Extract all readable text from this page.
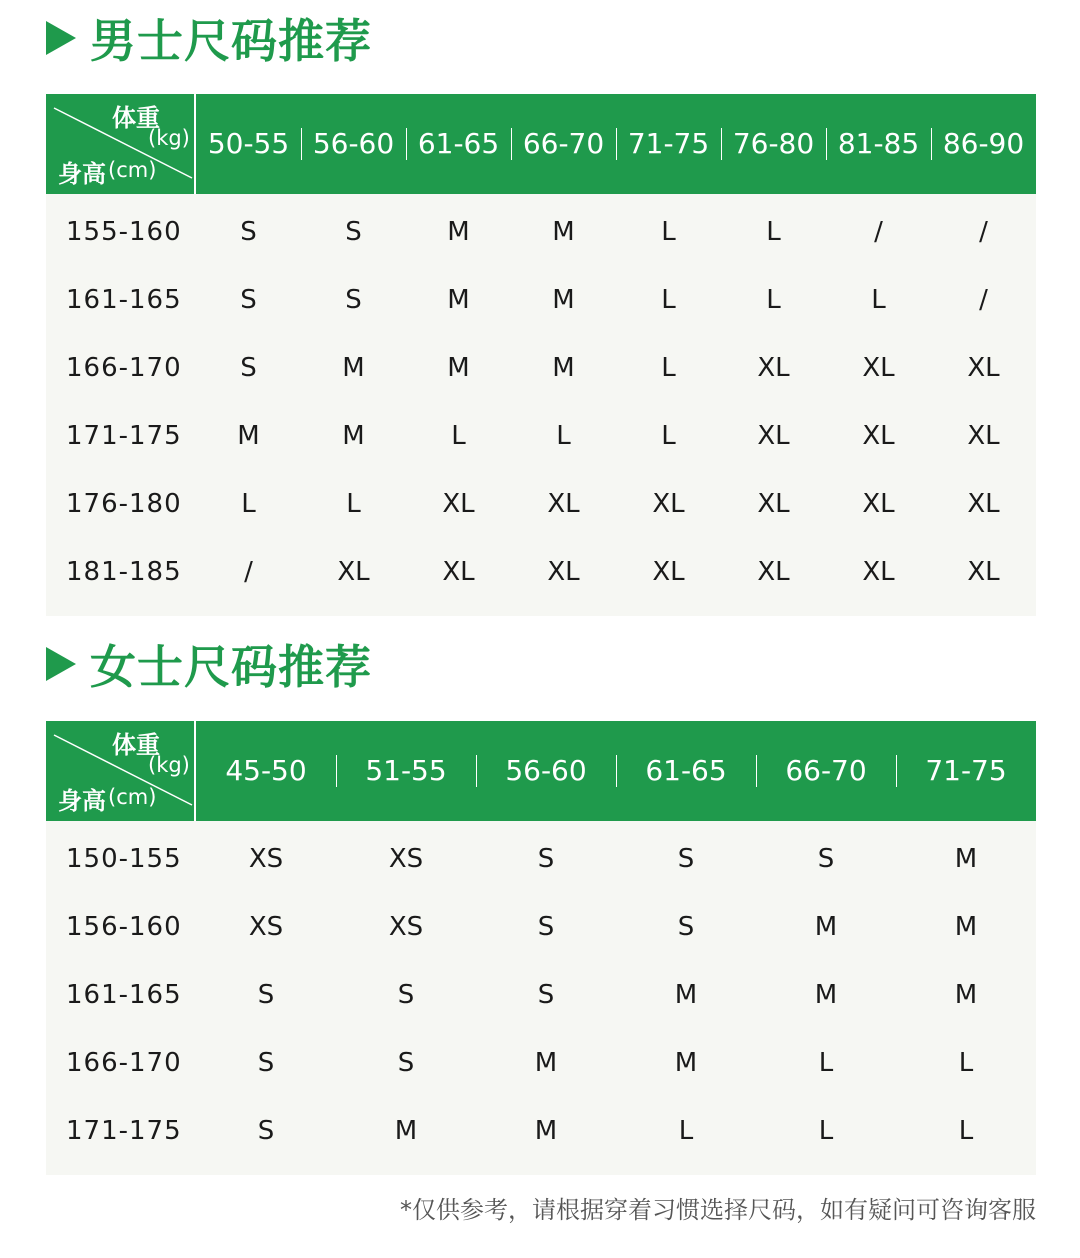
男士尺码推荐
体重
(kg)
身高 (cm)
50-55 56-60 61-65 66-70 71-75 76-80 81-85 86-90
155-160	S	S	M	M	L	L	/	/
161-165	S	S	M	M	L	L	L	/
166-170	S	M	M	M	L	XL	XL	XL
171-175	M	M	L	L	L	XL	XL	XL
176-180	L	L	XL	XL	XL	XL	XL	XL
181-185	/	XL	XL	XL	XL	XL	XL	XL
女士尺码推荐
体重
(kg)
身高 (cm)
45-50	51-55	56-60	61-65	66-70	71-75
150-155	XS	XS	S	S	S	M
156-160	XS	XS	S	S	M	M
161-165	S	S	S	M	M	M
166-170	S	S	M	M	L	L
171-175	S	M	M	L	L	L
*仅供参考，请根据穿着习惯选择尺码，如有疑问可咨询客服
